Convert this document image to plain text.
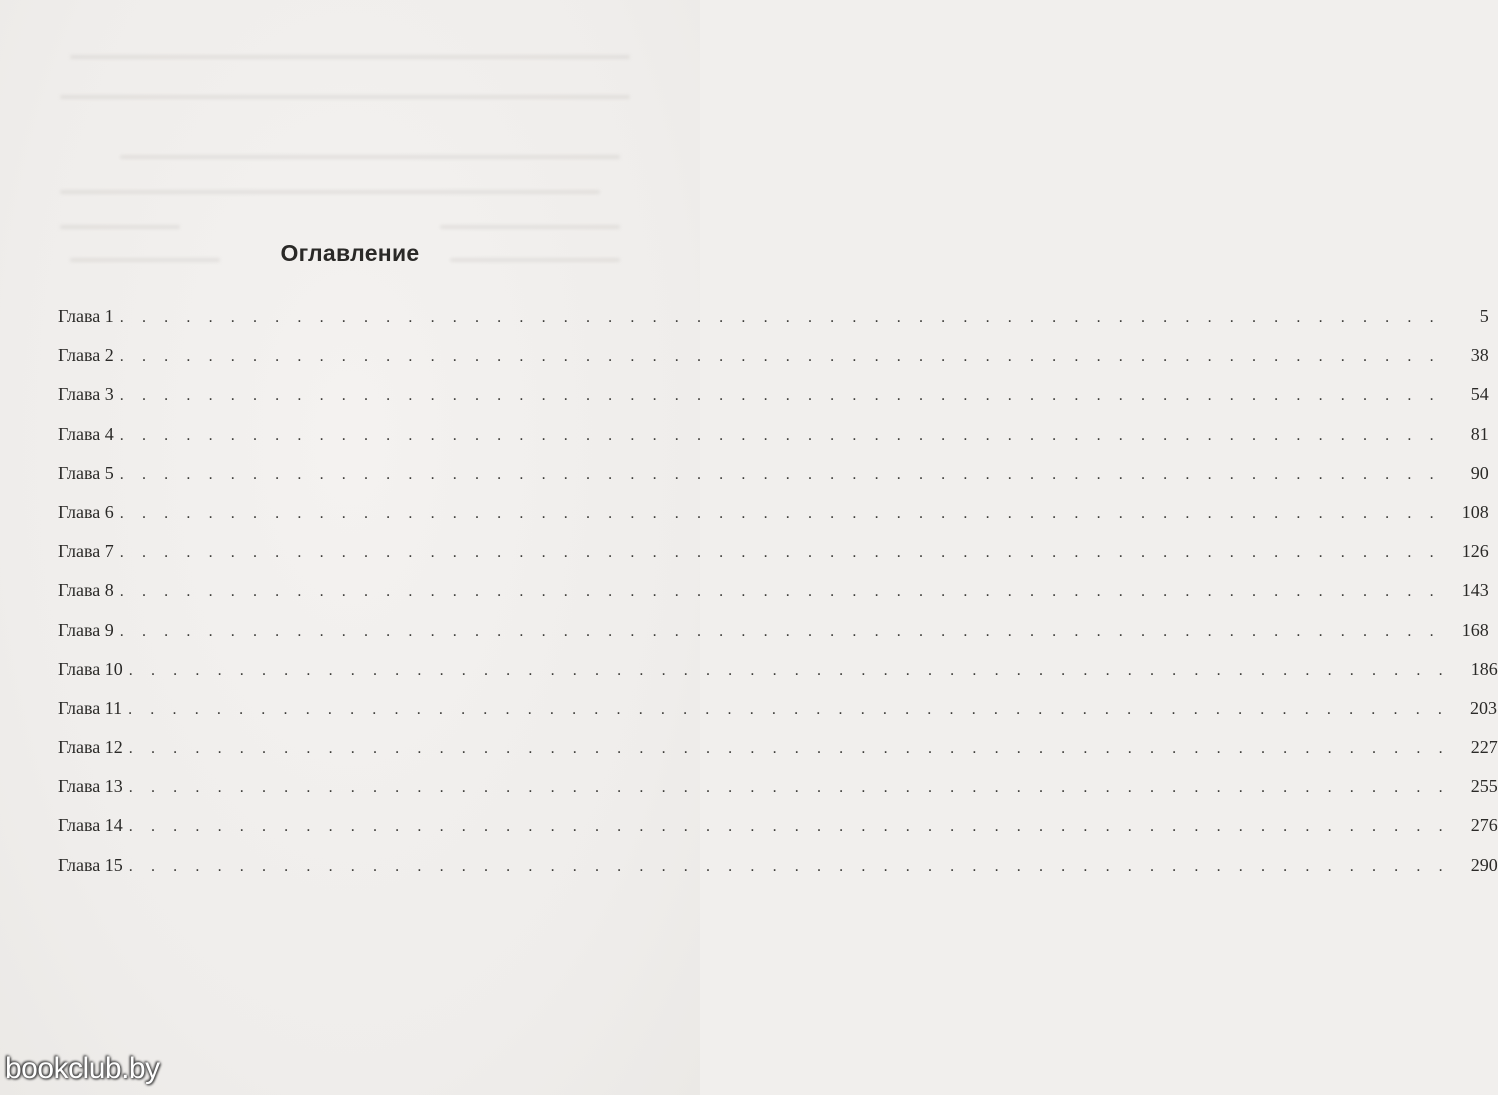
Оглавление
Глава 1 . . . . . . . . . . . . . . . . . . . . . . . . . . . . . . . . . . . . . . . . . . . . . . . . . . . . . . . . . . . .	5
Глава 2 . . . . . . . . . . . . . . . . . . . . . . . . . . . . . . . . . . . . . . . . . . . . . . . . . . . . . . . . . . . .	38
Глава 3 . . . . . . . . . . . . . . . . . . . . . . . . . . . . . . . . . . . . . . . . . . . . . . . . . . . . . . . . . . . .	54
Глава 4 . . . . . . . . . . . . . . . . . . . . . . . . . . . . . . . . . . . . . . . . . . . . . . . . . . . . . . . . . . . .	81
Глава 5 . . . . . . . . . . . . . . . . . . . . . . . . . . . . . . . . . . . . . . . . . . . . . . . . . . . . . . . . . . . .	90
Глава 6 . . . . . . . . . . . . . . . . . . . . . . . . . . . . . . . . . . . . . . . . . . . . . . . . . . . . . . . . . . . .	108
Глава 7 . . . . . . . . . . . . . . . . . . . . . . . . . . . . . . . . . . . . . . . . . . . . . . . . . . . . . . . . . . . .	126
Глава 8 . . . . . . . . . . . . . . . . . . . . . . . . . . . . . . . . . . . . . . . . . . . . . . . . . . . . . . . . . . . .	143
Глава 9 . . . . . . . . . . . . . . . . . . . . . . . . . . . . . . . . . . . . . . . . . . . . . . . . . . . . . . . . . . . .	168
Глава 10 . . . . . . . . . . . . . . . . . . . . . . . . . . . . . . . . . . . . . . . . . . . . . . . . . . . . . . . . . . . .	186
Глава 11 . . . . . . . . . . . . . . . . . . . . . . . . . . . . . . . . . . . . . . . . . . . . . . . . . . . . . . . . . . . .	203
Глава 12 . . . . . . . . . . . . . . . . . . . . . . . . . . . . . . . . . . . . . . . . . . . . . . . . . . . . . . . . . . . .	227
Глава 13 . . . . . . . . . . . . . . . . . . . . . . . . . . . . . . . . . . . . . . . . . . . . . . . . . . . . . . . . . . . .	255
Глава 14 . . . . . . . . . . . . . . . . . . . . . . . . . . . . . . . . . . . . . . . . . . . . . . . . . . . . . . . . . . . .	276
Глава 15 . . . . . . . . . . . . . . . . . . . . . . . . . . . . . . . . . . . . . . . . . . . . . . . . . . . . . . . . . . . .	290
bookclub.by
